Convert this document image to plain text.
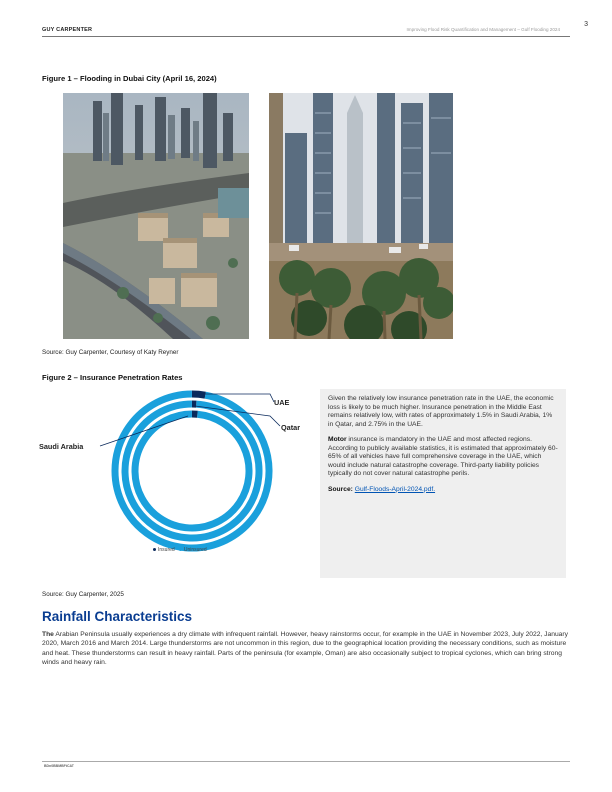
GUY CARPENTER	Improving Flood Risk Quantification and Management – Gulf Flooding 2024
3
Figure 1 – Flooding in Dubai City (April 16, 2024)
Source: Guy Carpenter, Courtesy of Katy Reyner
Figure 2 – Insurance Penetration Rates
UAE
Qatar
Saudi Arabia
Insured Uninsured

Given the relatively low insurance penetration rate in the UAE, the economic loss is likely to be much higher. Insurance penetration in the Middle East remains relatively low, with rates of approximately 1.5% in Saudi Arabia, 1% in Qatar, and 2.75% in the UAE.

Motor insurance is mandatory in the UAE and most affected regions. According to publicly available statistics, it is estimated that approximately 60-65% of all vehicles have full comprehensive coverage in the UAE, which would include natural catastrophe coverage. Third-party liability policies typically do not cover natural catastrophe perils.

Source: Gulf-Floods-April-2024.pdf.

Source: Guy Carpenter, 2025
Rainfall Characteristics

The Arabian Peninsula usually experiences a dry climate with infrequent rainfall. However, heavy rainstorms occur, for example in the UAE in November 2023, July 2022, January 2020, March 2016 and March 2014. Large thunderstorms are not uncommon in this region, due to the geographical location providing the necessary conditions, such as moisture and heat. These thunderstorms can result in heavy rainfall. Parts of the peninsula (for example, Oman) are also occasionally subject to tropical cyclones, which can bring strong winds and heavy rain.

BDn0BBMBFtCAT
